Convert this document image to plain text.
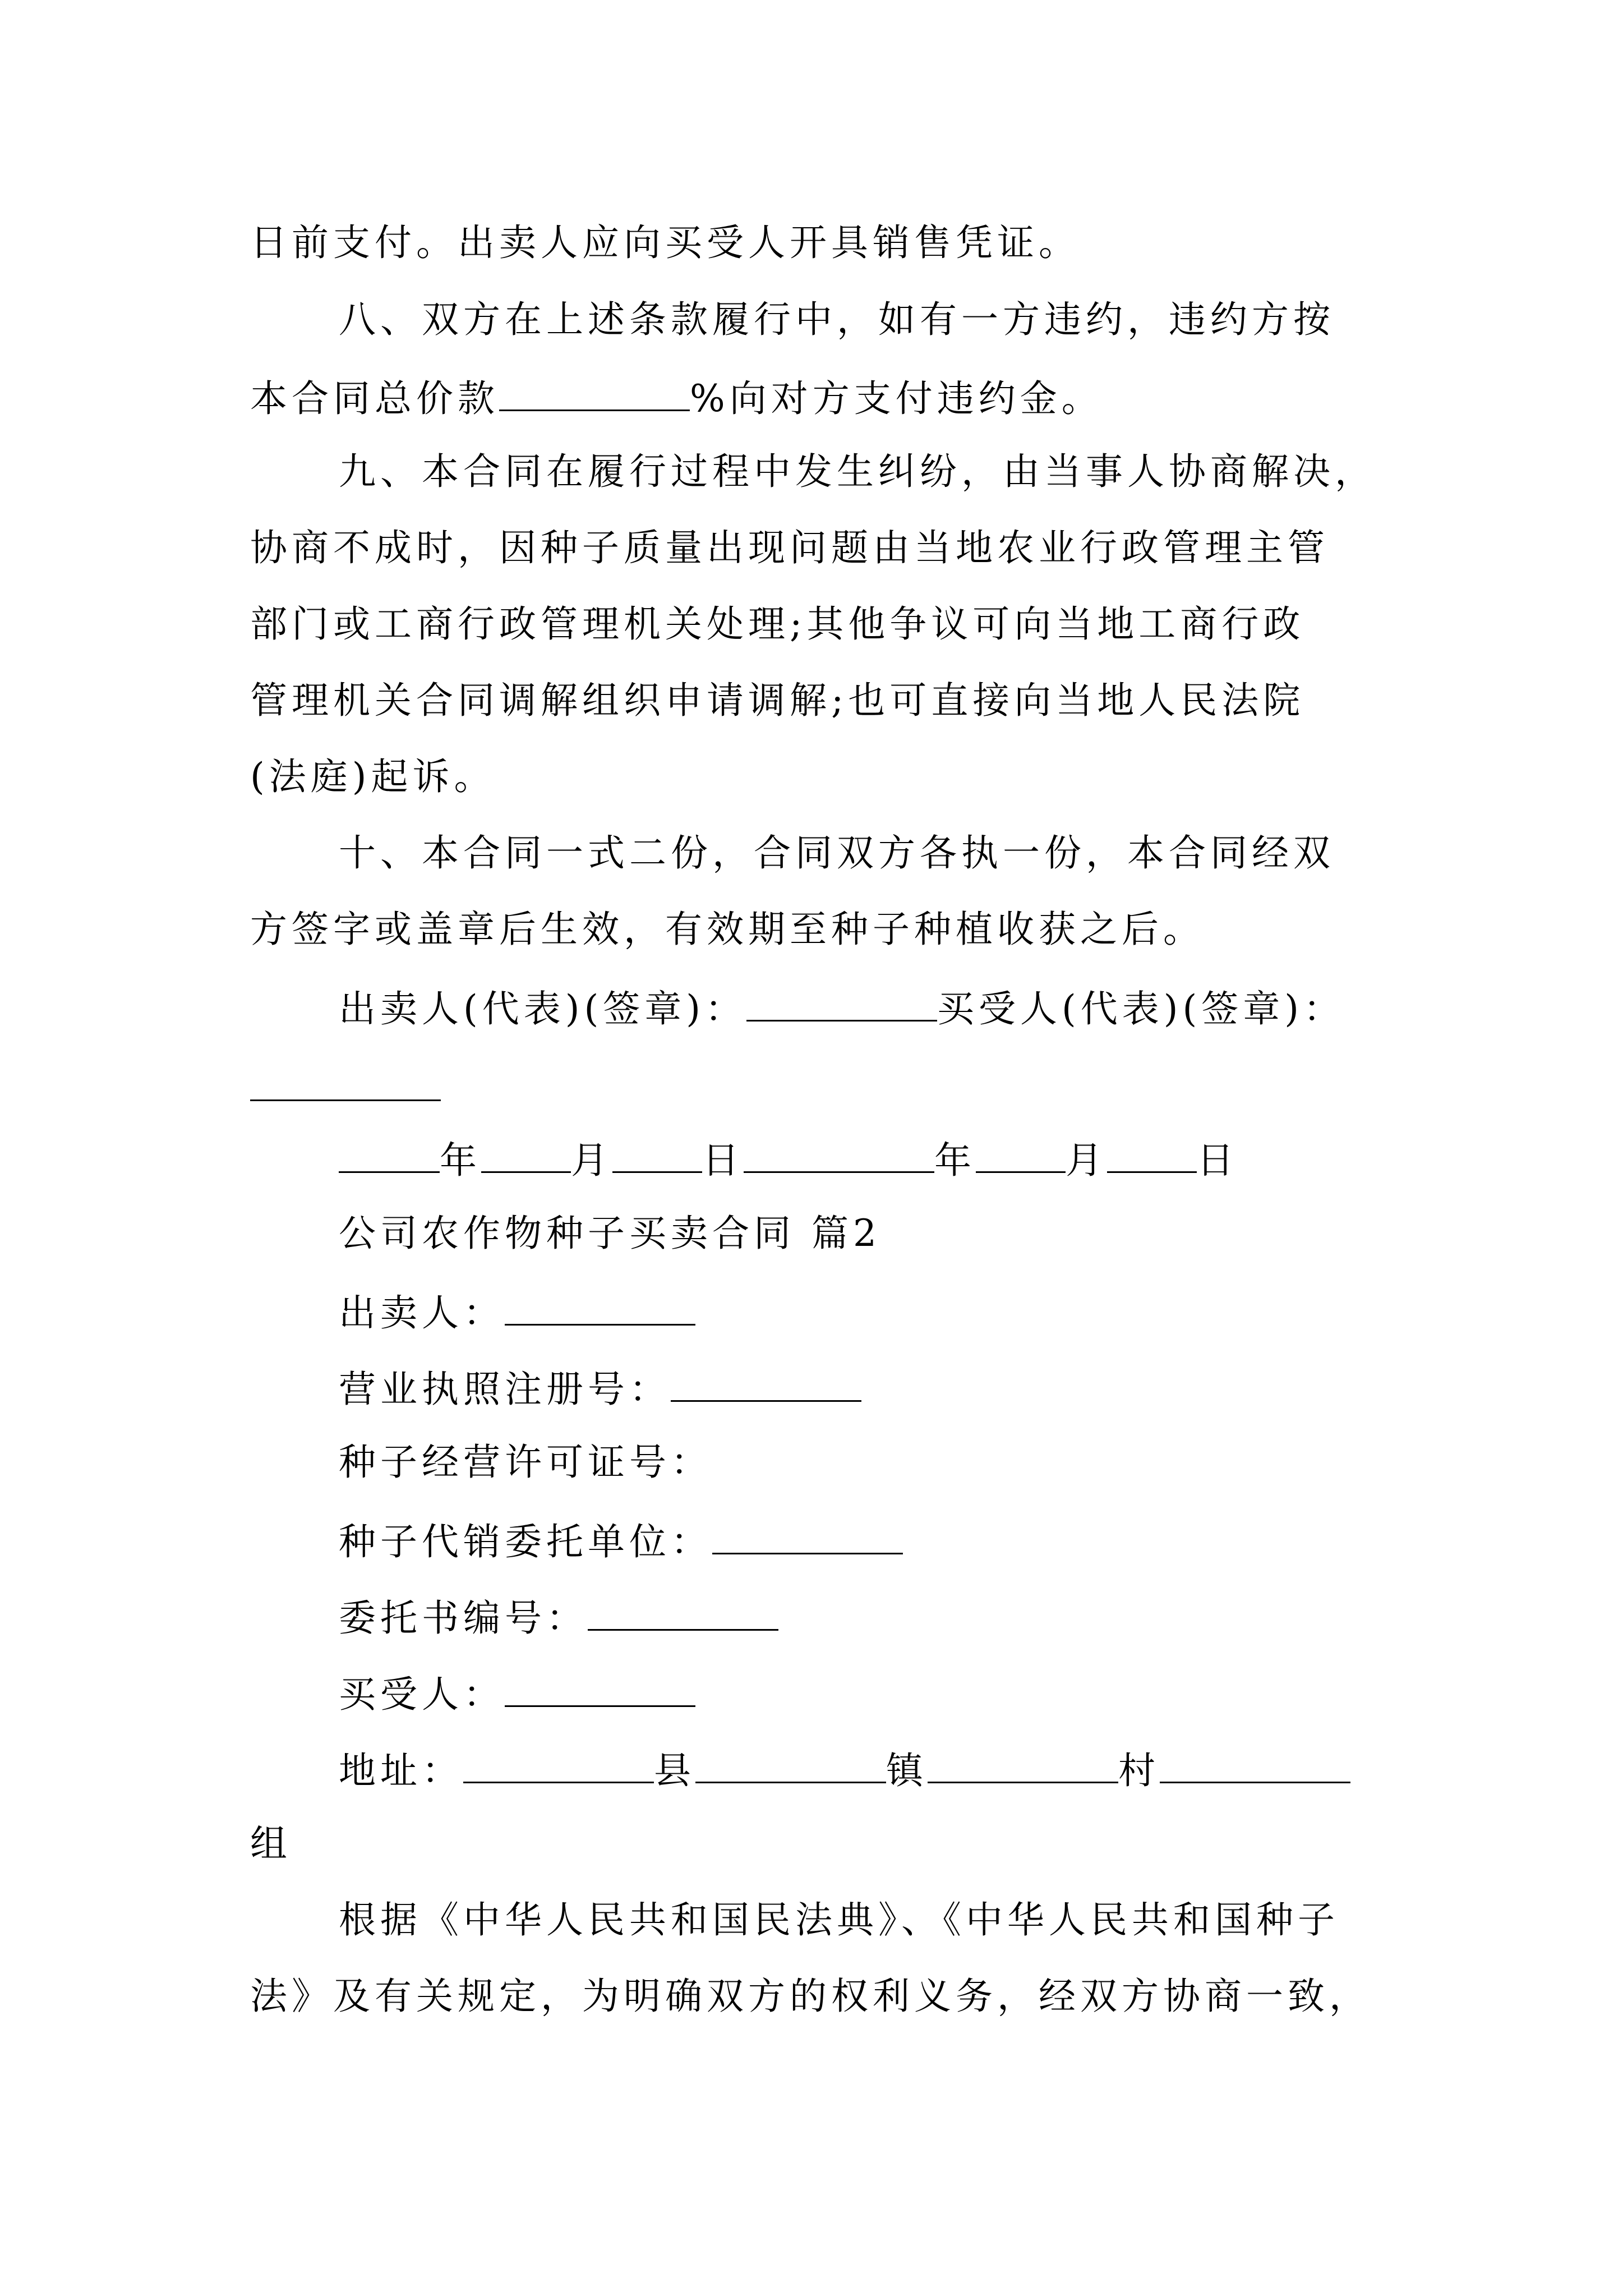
日前支付。出卖人应向买受人开具销售凭证。
八、双方在上述条款履行中，如有一方违约，违约方按
本合同总价款	%向对方支付违约金。
九、本合同在履行过程中发生纠纷，由当事人协商解决，
协商不成时，因种子质量出现问题由当地农业行政管理主管
部门或工商行政管理机关处理;其他争议可向当地工商行政
管理机关合同调解组织申请调解;也可直接向当地人民法院
(法庭)起诉。
十、本合同一式二份，合同双方各执一份，本合同经双
方签字或盖章后生效，有效期至种子种植收获之后。
出卖人(代表)(签章)：	买受人(代表)(签章)：
年 月 日	年 月 日
公司农作物种子买卖合同 篇2
出卖人：
营业执照注册号：
种子经营许可证号：
种子代销委托单位：
委托书编号：
买受人：
地址：	县	镇	村
组
根据《中华人民共和国民法典》、《中华人民共和国种子
法》及有关规定，为明确双方的权利义务，经双方协商一致，
